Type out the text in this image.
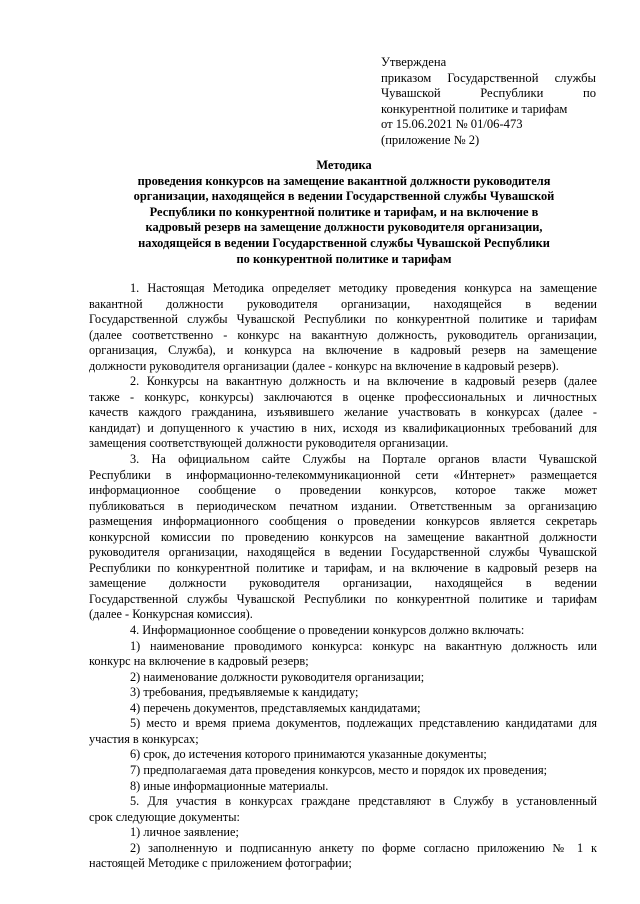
Утверждена
приказом Государственной службы
Чувашской Республики по
конкурентной политике и тарифам
от 15.06.2021 № 01/06-473
(приложение № 2)
Методика
проведения конкурсов на замещение вакантной должности руководителя
организации, находящейся в ведении Государственной службы Чувашской
Республики по конкурентной политике и тарифам, и на включение в
кадровый резерв на замещение должности руководителя организации,
находящейся в ведении Государственной службы Чувашской Республики
по конкурентной политике и тарифам
1. Настоящая Методика определяет методику проведения конкурса на замещение
вакантной должности руководителя организации, находящейся в ведении
Государственной службы Чувашской Республики по конкурентной политике и тарифам
(далее соответственно - конкурс на вакантную должность, руководитель организации,
организация, Служба), и конкурса на включение в кадровый резерв на замещение
должности руководителя организации (далее - конкурс на включение в кадровый резерв).
2. Конкурсы на вакантную должность и на включение в кадровый резерв (далее
также - конкурс, конкурсы) заключаются в оценке профессиональных и личностных
качеств каждого гражданина, изъявившего желание участвовать в конкурсах (далее -
кандидат) и допущенного к участию в них, исходя из квалификационных требований для
замещения соответствующей должности руководителя организации.
3. На официальном сайте Службы на Портале органов власти Чувашской
Республики в информационно-телекоммуникационной сети «Интернет» размещается
информационное сообщение о проведении конкурсов, которое также может
публиковаться в периодическом печатном издании. Ответственным за организацию
размещения информационного сообщения о проведении конкурсов является секретарь
конкурсной комиссии по проведению конкурсов на замещение вакантной должности
руководителя организации, находящейся в ведении Государственной службы Чувашской
Республики по конкурентной политике и тарифам, и на включение в кадровый резерв на
замещение должности руководителя организации, находящейся в ведении
Государственной службы Чувашской Республики по конкурентной политике и тарифам
(далее - Конкурсная комиссия).
4. Информационное сообщение о проведении конкурсов должно включать:
1) наименование проводимого конкурса: конкурс на вакантную должность или
конкурс на включение в кадровый резерв;
2) наименование должности руководителя организации;
3) требования, предъявляемые к кандидату;
4) перечень документов, представляемых кандидатами;
5) место и время приема документов, подлежащих представлению кандидатами для
участия в конкурсах;
6) срок, до истечения которого принимаются указанные документы;
7) предполагаемая дата проведения конкурсов, место и порядок их проведения;
8) иные информационные материалы.
5. Для участия в конкурсах граждане представляют в Службу в установленный
срок следующие документы:
1) личное заявление;
2) заполненную и подписанную анкету по форме согласно приложению № 1 к
настоящей Методике с приложением фотографии;
